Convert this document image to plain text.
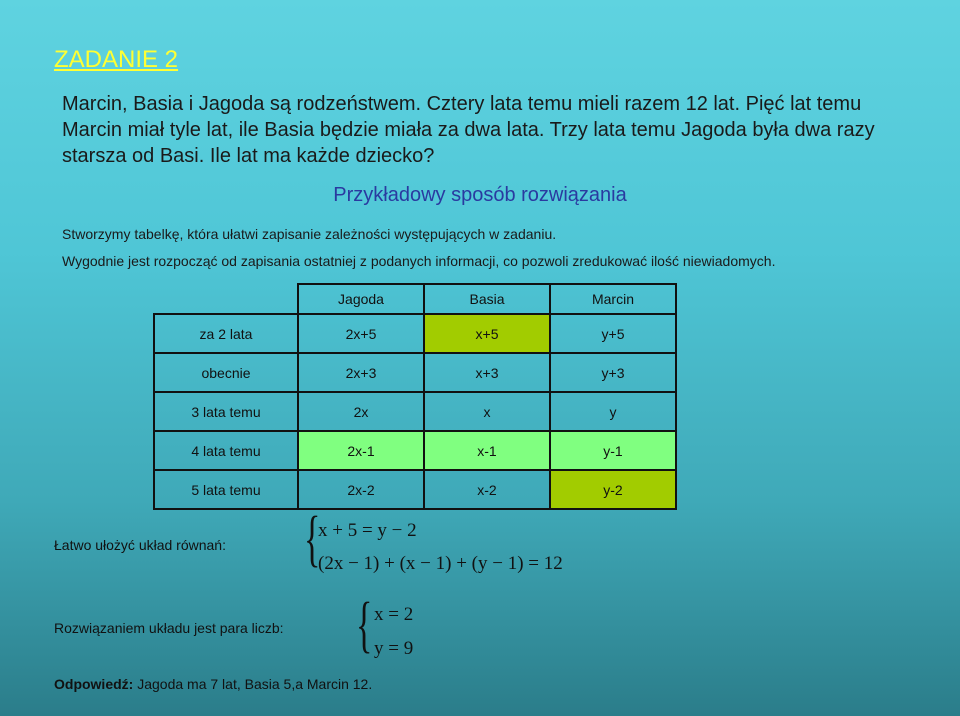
ZADANIE 2
Marcin, Basia i Jagoda są rodzeństwem. Cztery lata temu mieli razem 12 lat. Pięć lat temu Marcin miał tyle lat, ile Basia będzie miała za dwa lata. Trzy lata temu Jagoda była dwa razy starsza od Basi. Ile lat ma każde dziecko?
Przykładowy sposób rozwiązania
Stworzymy tabelkę, która ułatwi zapisanie zależności występujących w zadaniu.
Wygodnie jest rozpocząć od zapisania ostatniej z podanych informacji, co pozwoli zredukować ilość niewiadomych.
	Jagoda	Basia	Marcin
za 2 lata	2x+5	x+5	y+5
obecnie	2x+3	x+3	y+3
3 lata temu	2x	x	y
4 lata temu	2x-1	x-1	y-1
5 lata temu	2x-2	x-2	y-2
Łatwo ułożyć układ równań: {
x + 5 = y − 2
(2x − 1) + (x − 1) + (y − 1) = 12
Rozwiązaniem układu jest para liczb: { x = 2
y = 9
Odpowiedź: Jagoda ma 7 lat, Basia 5,a Marcin 12.
